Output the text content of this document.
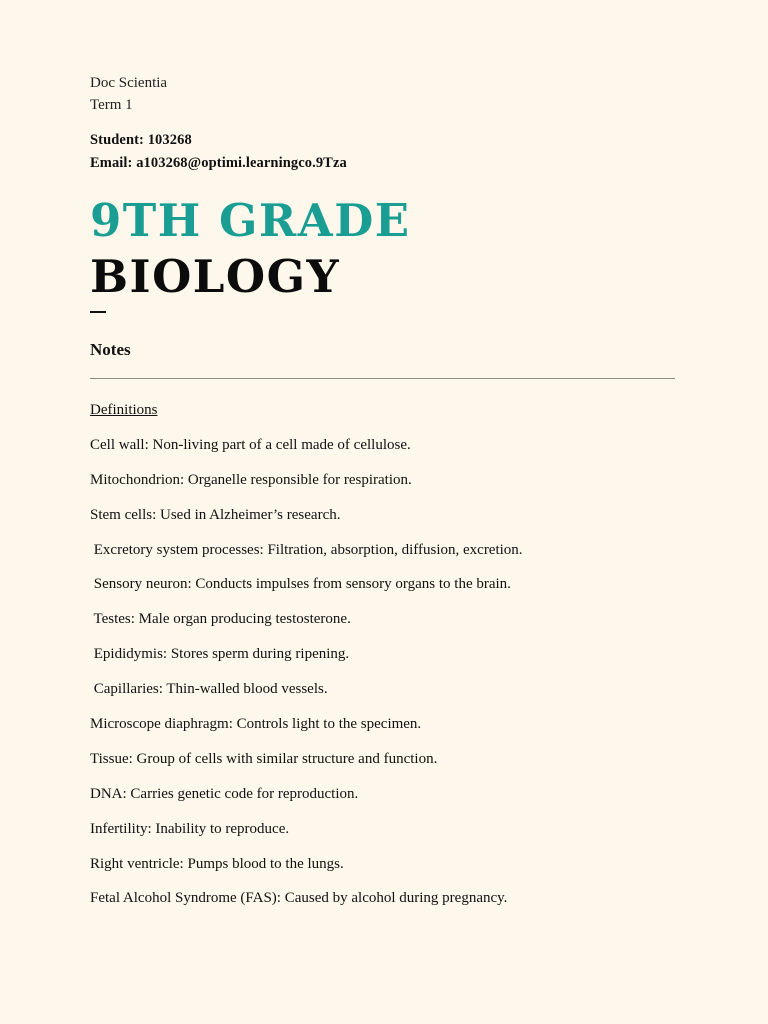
Doc Scientia

Term 1

Student: 103268

Email: a103268@optimi.learningco.9Tza

9TH GRADE
BIOLOGY
Notes

Definitions

Cell wall: Non-living part of a cell made of cellulose.
Mitochondrion: Organelle responsible for respiration.
Stem cells: Used in Alzheimer’s research.
Excretory system processes: Filtration, absorption, diffusion, excretion.
Sensory neuron: Conducts impulses from sensory organs to the brain.
Testes: Male organ producing testosterone.
Epididymis: Stores sperm during ripening.
Capillaries: Thin-walled blood vessels.
Microscope diaphragm: Controls light to the specimen.
Tissue: Group of cells with similar structure and function.
DNA: Carries genetic code for reproduction.
Infertility: Inability to reproduce.
Right ventricle: Pumps blood to the lungs.
Fetal Alcohol Syndrome (FAS): Caused by alcohol during pregnancy.
